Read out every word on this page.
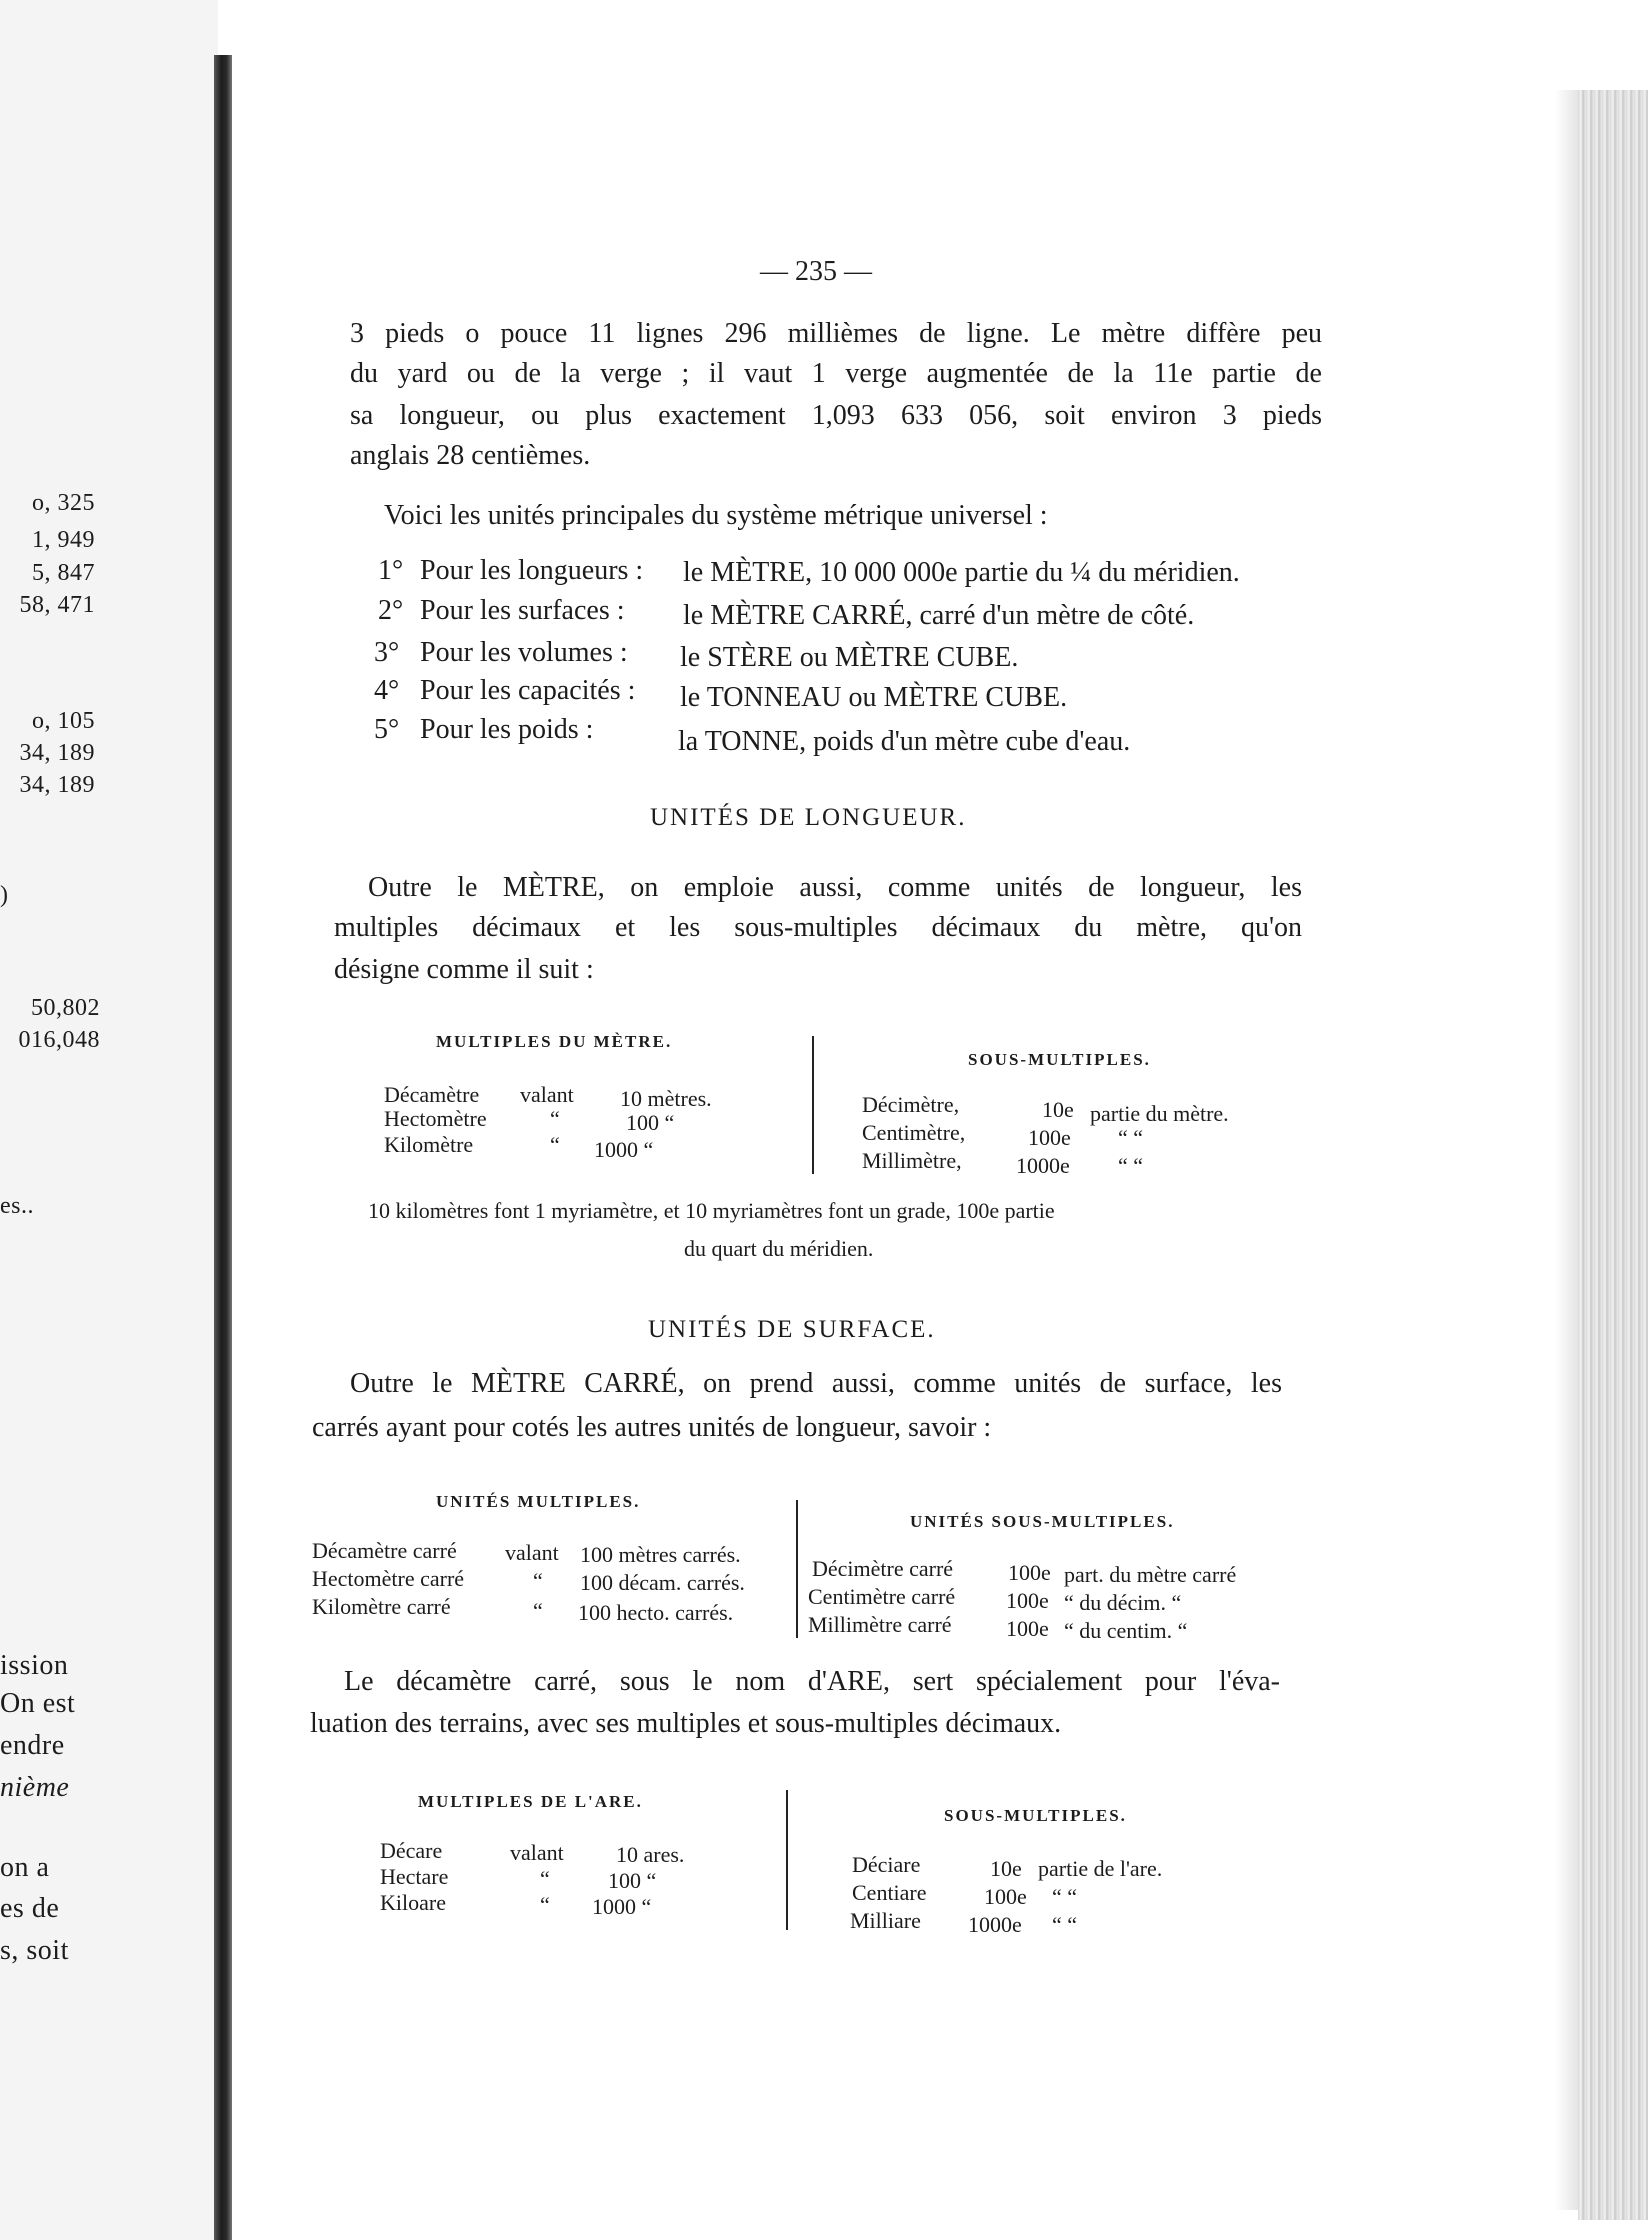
o, 325
1, 949
5, 847
58, 471
o, 105
34, 189
34, 189
)
50,802
016,048
es..
ission
On est
endre
nième
on a
es de
s, soit
— 235 —
3 pieds o pouce 11 lignes 296 millièmes de ligne. Le mètre diffère peu
du yard ou de la verge ; il vaut 1 verge augmentée de la 11e partie de
sa longueur, ou plus exactement 1,093 633 056, soit environ 3 pieds
anglais 28 centièmes.
Voici les unités principales du système métrique universel :
1° Pour les longueurs : le MÈTRE, 10 000 000e partie du ¼ du méridien.
2° Pour les surfaces : le MÈTRE CARRÉ, carré d'un mètre de côté.
3° Pour les volumes : le STÈRE ou MÈTRE CUBE.
4° Pour les capacités : le TONNEAU ou MÈTRE CUBE.
5° Pour les poids :	la TONNE, poids d'un mètre cube d'eau.
UNITÉS DE LONGUEUR.
Outre le MÈTRE, on emploie aussi, comme unités de longueur, les
multiples décimaux et les sous-multiples décimaux du mètre, qu'on
désigne comme il suit :
MULTIPLES DU MÈTRE.
SOUS-MULTIPLES.
Décamètre valant 10 mètres.
Hectomètre	“	100 “
Kilomètre	“ 1000 “
Décimètre,	10e partie du mètre.
Centimètre,	100e “ “
Millimètre, 1000e “ “
10 kilomètres font 1 myriamètre, et 10 myriamètres font un grade, 100e partie
du quart du méridien.
UNITÉS DE SURFACE.
Outre le MÈTRE CARRÉ, on prend aussi, comme unités de surface, les
carrés ayant pour cotés les autres unités de longueur, savoir :
UNITÉS MULTIPLES.
UNITÉS SOUS-MULTIPLES.
Décamètre carré valant 100 mètres carrés.
Hectomètre carré	“ 100 décam. carrés.
Kilomètre carré	“ 100 hecto. carrés.
Décimètre carré 100e part. du mètre carré
Centimètre carré 100e “ du décim. “
Millimètre carré 100e “ du centim. “
Le décamètre carré, sous le nom d'ARE, sert spécialement pour l'éva-
luation des terrains, avec ses multiples et sous-multiples décimaux.
MULTIPLES DE L'ARE.
SOUS-MULTIPLES.
Décare	valant 10 ares.
Hectare	“	100 “
Kiloare	“ 1000 “
Déciare	10e partie de l'are.
Centiare	100e “ “
Milliare 1000e “ “
